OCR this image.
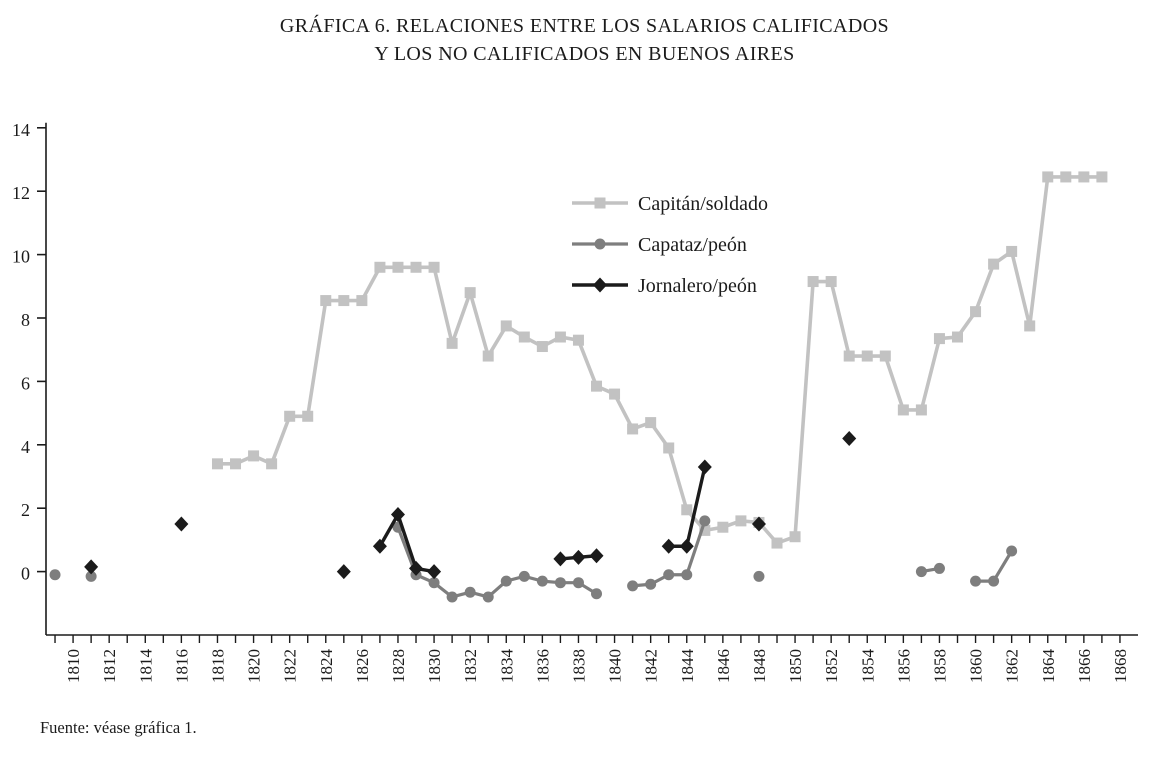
GRÁFICA 6. RELACIONES ENTRE LOS SALARIOS CALIFICADOS
Y LOS NO CALIFICADOS EN BUENOS AIRES
0
2
4
6
8
10
12
14
1810 1812 1814 1816 1818 1820 1822 1824 1826 1828 1830 1832 1834 1836 1838 1840 1842 1844 1846 1848 1850 1852 1854 1856 1858 1860 1862 1864 1866 1868
Capitán/soldado
Capataz/peón
Jornalero/peón
Fuente: véase gráfica 1.
